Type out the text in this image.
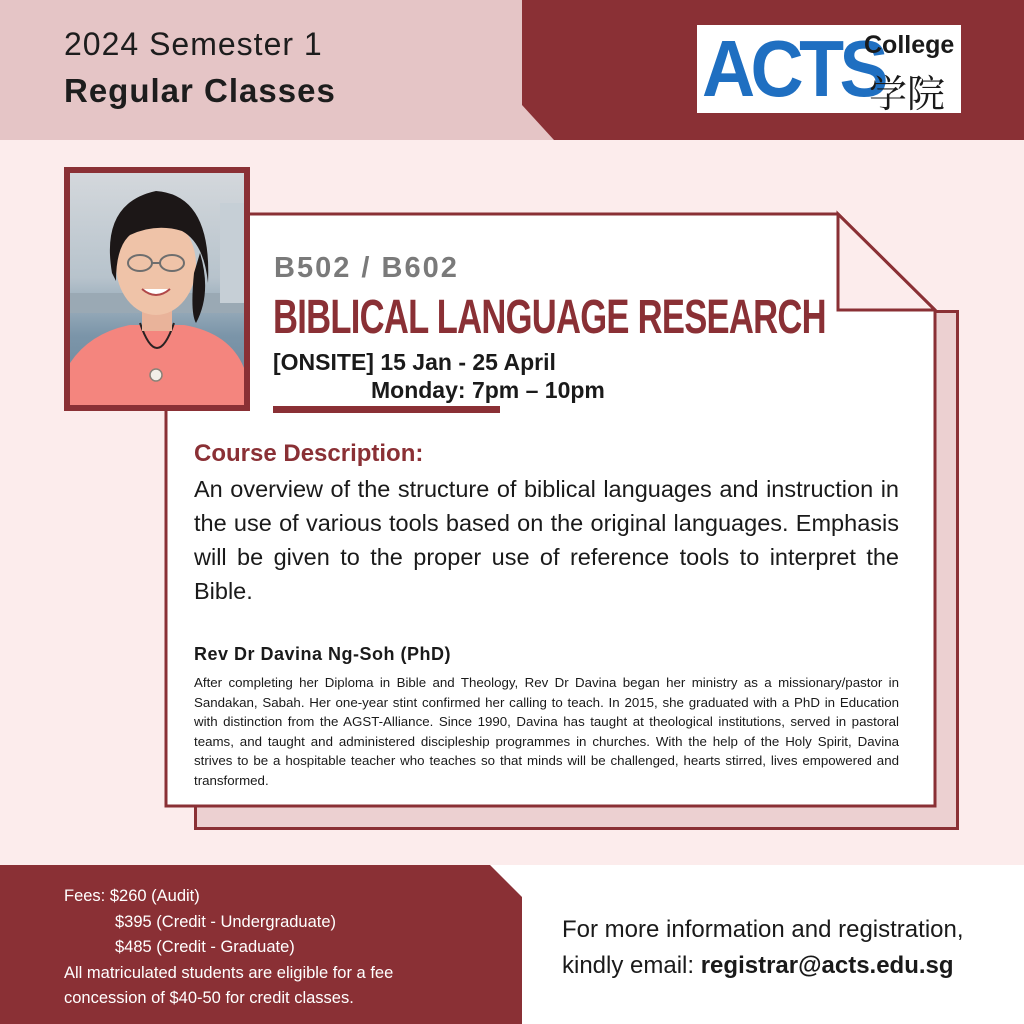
2024 Semester 1
Regular Classes	ACTS
College
学院
B502 / B602
BIBLICAL LANGUAGE RESEARCH
[ONSITE] 15 Jan - 25 April
Monday: 7pm – 10pm
Course Description:
An overview of the structure of biblical languages and instruction in the use of various tools based on the original languages. Emphasis will be given to the proper use of reference tools to interpret the Bible.
Rev Dr Davina Ng-Soh (PhD)
After completing her Diploma in Bible and Theology, Rev Dr Davina began her ministry as a missionary/pastor in Sandakan, Sabah. Her one-year stint confirmed her calling to teach. In 2015, she graduated with a PhD in Education with distinction from the AGST-Alliance. Since 1990, Davina has taught at theological institutions, served in pastoral teams, and taught and administered discipleship programmes in churches. With the help of the Holy Spirit, Davina strives to be a hospitable teacher who teaches so that minds will be challenged, hearts stirred, lives empowered and transformed.
Fees: $260 (Audit)
$395 (Credit - Undergraduate)
$485 (Credit - Graduate)
All matriculated students are eligible for a fee
concession of $40-50 for credit classes.
For more information and registration,
kindly email: registrar@acts.edu.sg
